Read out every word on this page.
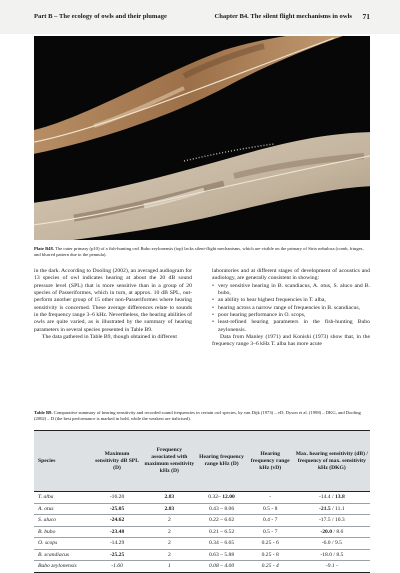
Part B – The ecology of owls and their plumage	Chapter B4. The silent flight mechanisms in owls 71
Plate B48. The outer primary (p10) of a fish-hunting owl Bubo zeylonensis (top) lacks silent-flight mechanisms, which are visible on the primary of Strix nebulosa (comb, fringes, and blurred pattern due to the pennula).

in the dark. According to Dooling (2002), an averaged audiogram for 13 species of owl indicates hearing at about the 20 dB sound pressure level (SPL) that is more sensitive than in a group of 20 species of Passeriformes, which in turn, at approx. 10 dB SPL, out-perform another group of 15 other non-Passeriformes where hearing sensitivity is concerned. These average differences relate to sounds in the frequency range 3–6 kHz. Nevertheless, the hearing abilities of owls are quite varied, as is illustrated by the summary of hearing parameters in several species presented in Table B9.

The data gathered in Table B9, though obtained in different

laboratories and at different stages of development of acoustics and audiology, are generally consistent in showing:

• very sensitive hearing in B. scandiacus, A. otus, S. aluco and B. bubo,
• an ability to hear highest frequencies in T. alba,
• hearing across a narrow range of frequencies in B. scandiacus,
• poor hearing performance in O. scops,
• least-refined hearing parameters in the fish-hunting Bubo zeylonensis.

Data from Manley (1971) and Konishi (1973) show that, in the frequency range 3–6 kHz T. alba has more acute

Table B9. Comparative summary of hearing sensitivity and recorded sound frequencies in certain owl species, by van Dijk (1973) – vD, Dyson et al. (1998) – DKG, and Dooling (2002) – D (the best performance is marked in bold, while the weakest are italicised).
Species	Maximum sensitivity dB SPL (D)	Frequency associated with maximum sensitivity kHz (D)	Hearing frequency range kHz (D)	Hearing frequency range kHz (vD)	Max. hearing sensitivity (dB) / frequency of max. sensitivity kHz (DKG)
T. alba	-16.20	2.83	0.32– 12.00	-	-14.4 / 13.8
A. otus	-25.05	2.83	0.43 – 8.06	0.5 - 8	-21.5 / 11.1
S. aluco	-24.62	2	0.22 – 6.62	0.4 - 7	-17.5 / 10.3
B. bubo	-23.48	2	0.21 – 6.52	0.5 - 7	-20.0 / 8.6
O. scops	-14.29	2	0.34 – 6.65	0.25 - 6	-6.0 / 9.5
B. scandiacus	-25.25	2	0.63 – 5.88	0.25 - 8	-18.0 / 8.5
Bubo zeylonensis	-1.60	1	0.08 – 4.00	0.25 - 4	-9.1 -
